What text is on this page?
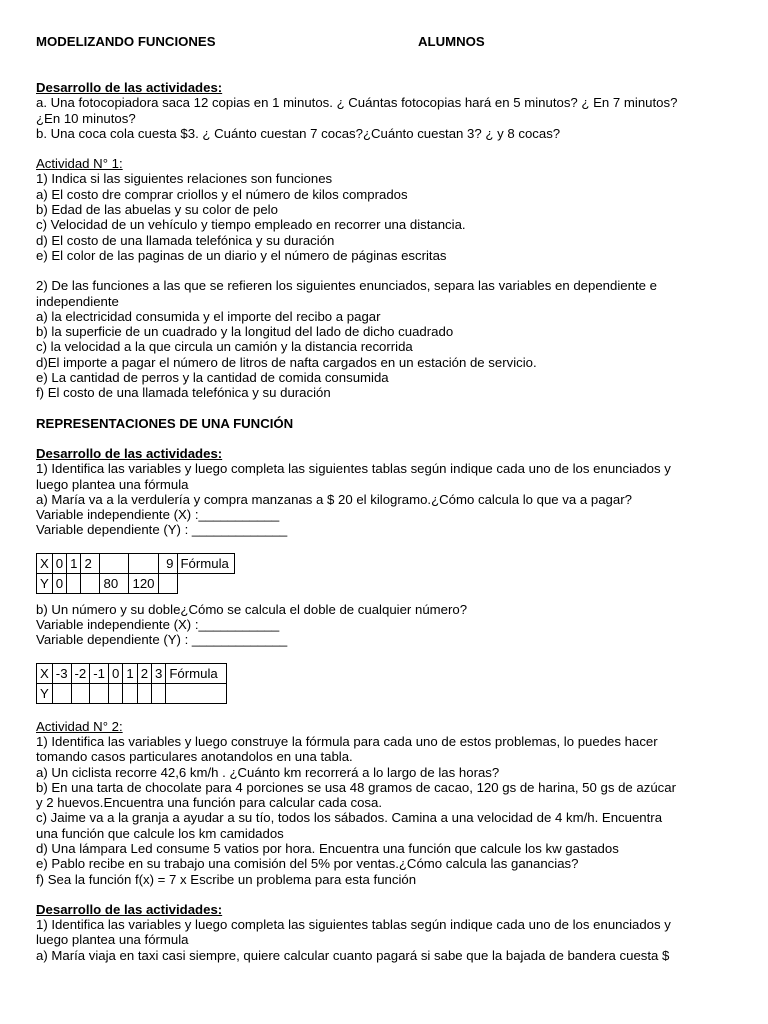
MODELIZANDO FUNCIONES	ALUMNOS
Desarrollo de las actividades:
a. Una fotocopiadora saca 12 copias en 1 minutos. ¿ Cuántas fotocopias hará en 5 minutos? ¿ En 7 minutos?
¿En 10 minutos?
b. Una coca cola cuesta $3. ¿ Cuánto cuestan 7 cocas?¿Cuánto cuestan 3? ¿ y 8 cocas?
Actividad N° 1:
1) Indica si las siguientes relaciones son funciones
a) El costo dre comprar criollos y el número de kilos comprados
b) Edad de las abuelas y su color de pelo
c) Velocidad de un vehículo y tiempo empleado en recorrer una distancia.
d) El costo de una llamada telefónica y su duración
e) El color de las paginas de un diario y el número de páginas escritas
2) De las funciones a las que se refieren los siguientes enunciados, separa las variables en dependiente e
independiente
a) la electricidad consumida y el importe del recibo a pagar
b) la superficie de un cuadrado y la longitud del lado de dicho cuadrado
c) la velocidad a la que circula un camión y la distancia recorrida
d)El importe a pagar el número de litros de nafta cargados en un estación de servicio.
e) La cantidad de perros y la cantidad de comida consumida
f) El costo de una llamada telefónica y su duración
REPRESENTACIONES DE UNA FUNCIÓN
Desarrollo de las actividades:
1) Identifica las variables y luego completa las siguientes tablas según indique cada uno de los enunciados y
luego plantea una fórmula
a) María va a la verdulería y compra manzanas a $ 20 el kilogramo.¿Cómo calcula lo que va a pagar?
Variable independiente (X) :___________
Variable dependiente (Y) : _____________
X	0	1	2			9	Fórmula
Y	0			80	120		
b) Un número y su doble¿Cómo se calcula el doble de cualquier número?
Variable independiente (X) :___________
Variable dependiente (Y) : _____________
X	-3	-2	-1	0	1	2	3	Fórmula
Y								
Actividad N° 2:
1) Identifica las variables y luego construye la fórmula para cada uno de estos problemas, lo puedes hacer
tomando casos particulares anotandolos en una tabla.
a) Un ciclista recorre 42,6 km/h . ¿Cuánto km recorrerá a lo largo de las horas?
b) En una tarta de chocolate para 4 porciones se usa 48 gramos de cacao, 120 gs de harina, 50 gs de azúcar
y 2 huevos.Encuentra una función para calcular cada cosa.
c) Jaime va a la granja a ayudar a su tío, todos los sábados. Camina a una velocidad de 4 km/h. Encuentra
una función que calcule los km camidados
d) Una lámpara Led consume 5 vatios por hora. Encuentra una función que calcule los kw gastados
e) Pablo recibe en su trabajo una comisión del 5% por ventas.¿Cómo calcula las ganancias?
f) Sea la función f(x) = 7 x Escribe un problema para esta función
Desarrollo de las actividades:
1) Identifica las variables y luego completa las siguientes tablas según indique cada uno de los enunciados y
luego plantea una fórmula
a) María viaja en taxi casi siempre, quiere calcular cuanto pagará si sabe que la bajada de bandera cuesta $
